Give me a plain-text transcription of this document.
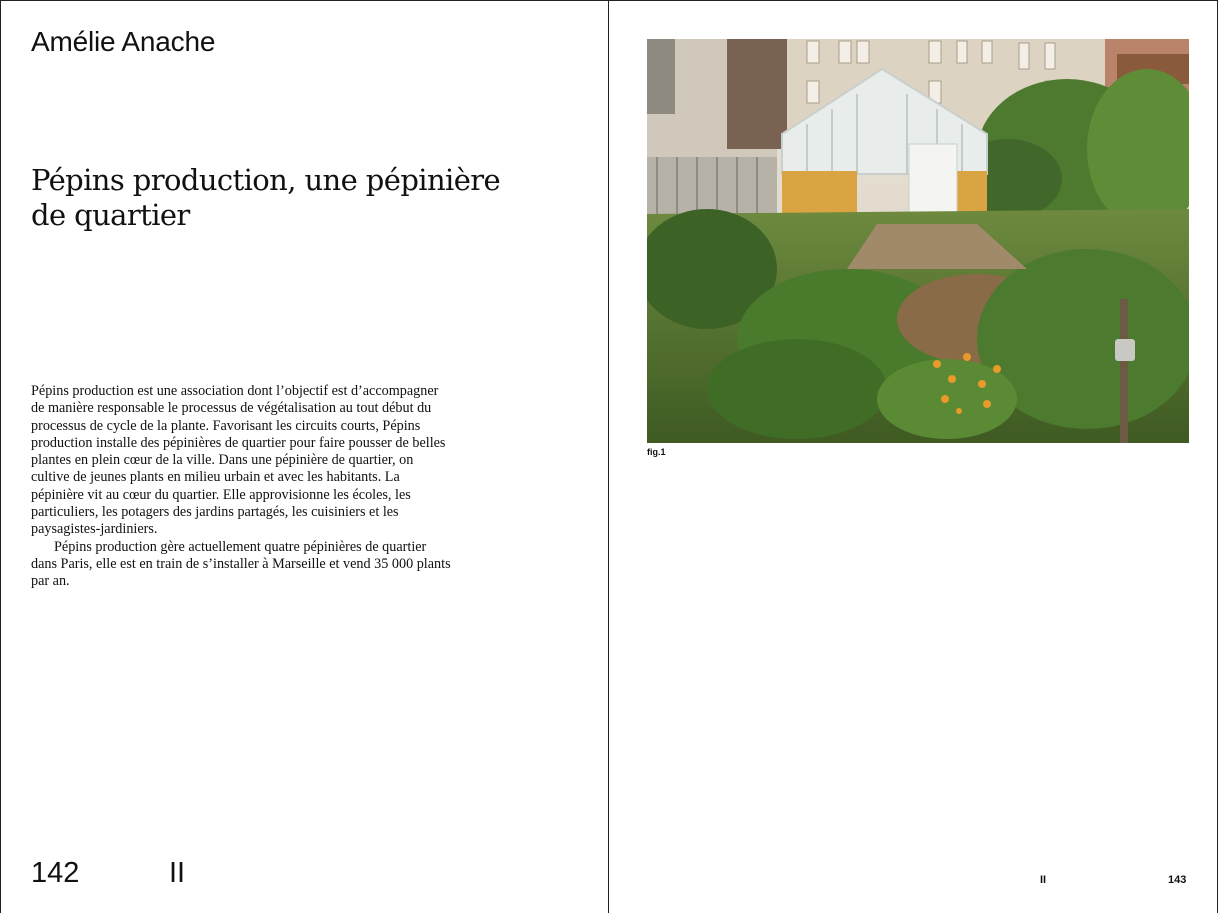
Amélie Anache
Pépins production, une pépinière
de quartier

Pépins production est une association dont l’objectif est d’accompagner de manière responsable le processus de végétalisation au tout début du processus de cycle de la plante. Favorisant les circuits courts, Pépins production installe des pépinières de quartier pour faire pousser de belles plantes en plein cœur de la ville. Dans une pépinière de quartier, on cultive de jeunes plants en milieu urbain et avec les habitants. La pépinière vit au cœur du quartier. Elle approvisionne les écoles, les particuliers, les potagers des jardins partagés, les cuisiniers et les paysagistes-jardiniers.

Pépins production gère actuellement quatre pépinières de quartier dans Paris, elle est en train de s’installer à Marseille et vend 35 000 plants par an.

142	II
fig.1
II	143
